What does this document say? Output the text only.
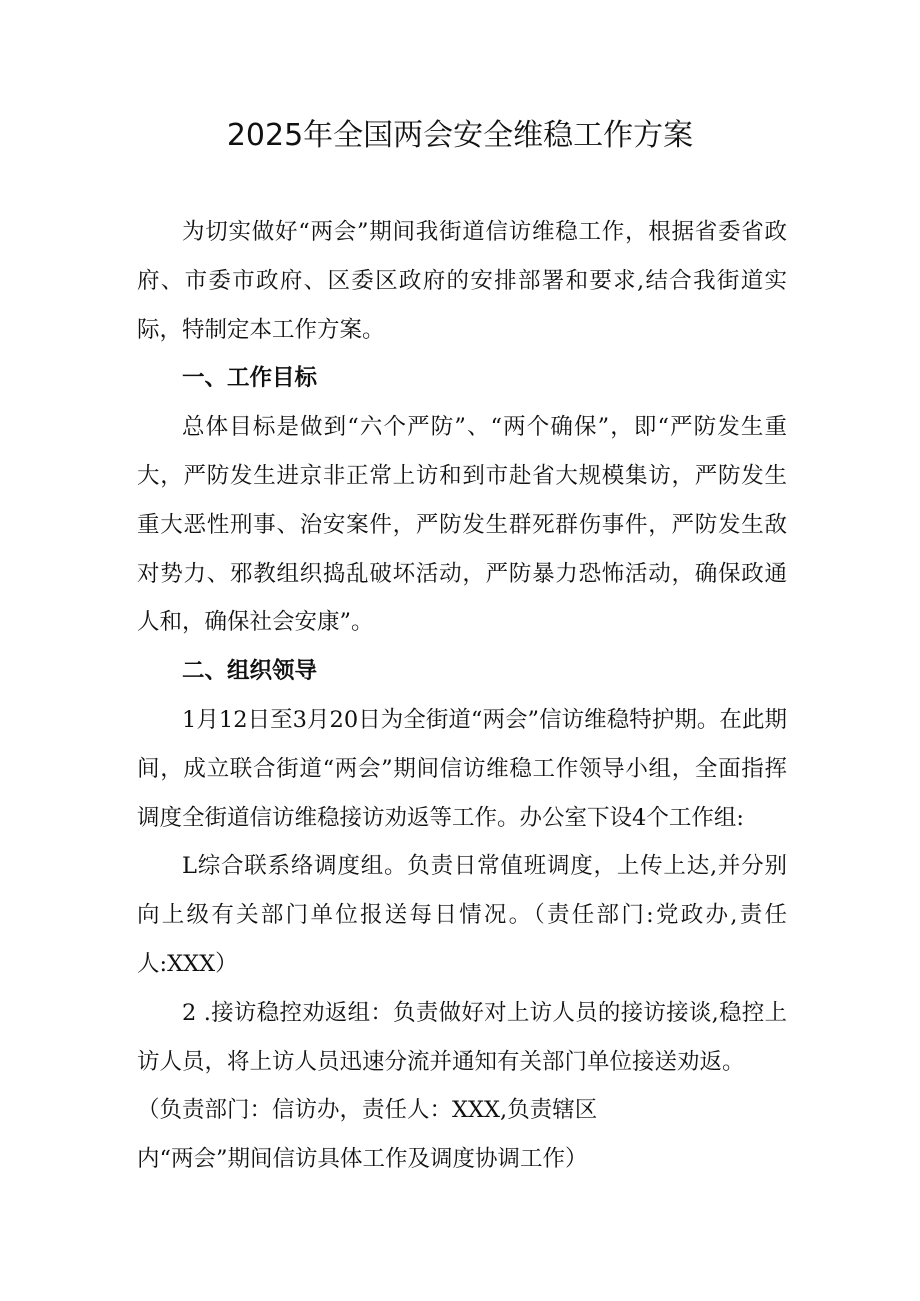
2025年全国两会安全维稳工作方案

为切实做好“两会”期间我街道信访维稳工作，根据省委省政府、市委市政府、区委区政府的安排部署和要求,结合我街道实际，特制定本工作方案。

一、工作目标

总体目标是做到“六个严防”、“两个确保”，即“严防发生重大，严防发生进京非正常上访和到市赴省大规模集访，严防发生重大恶性刑事、治安案件，严防发生群死群伤事件，严防发生敌对势力、邪教组织捣乱破坏活动，严防暴力恐怖活动，确保政通人和，确保社会安康”。

二、组织领导

1月12日至3月20日为全街道“两会”信访维稳特护期。在此期间，成立联合街道“两会”期间信访维稳工作领导小组，全面指挥调度全街道信访维稳接访劝返等工作。办公室下设4个工作组:

L综合联系络调度组。负责日常值班调度，上传上达,并分别向上级有关部门单位报送每日情况。（责任部门:党政办,责任人:XXX）

2 .接访稳控劝返组：负责做好对上访人员的接访接谈,稳控上访人员，将上访人员迅速分流并通知有关部门单位接送劝返。

（负责部门：信访办，责任人：XXX,负责辖区

内“两会”期间信访具体工作及调度协调工作）
